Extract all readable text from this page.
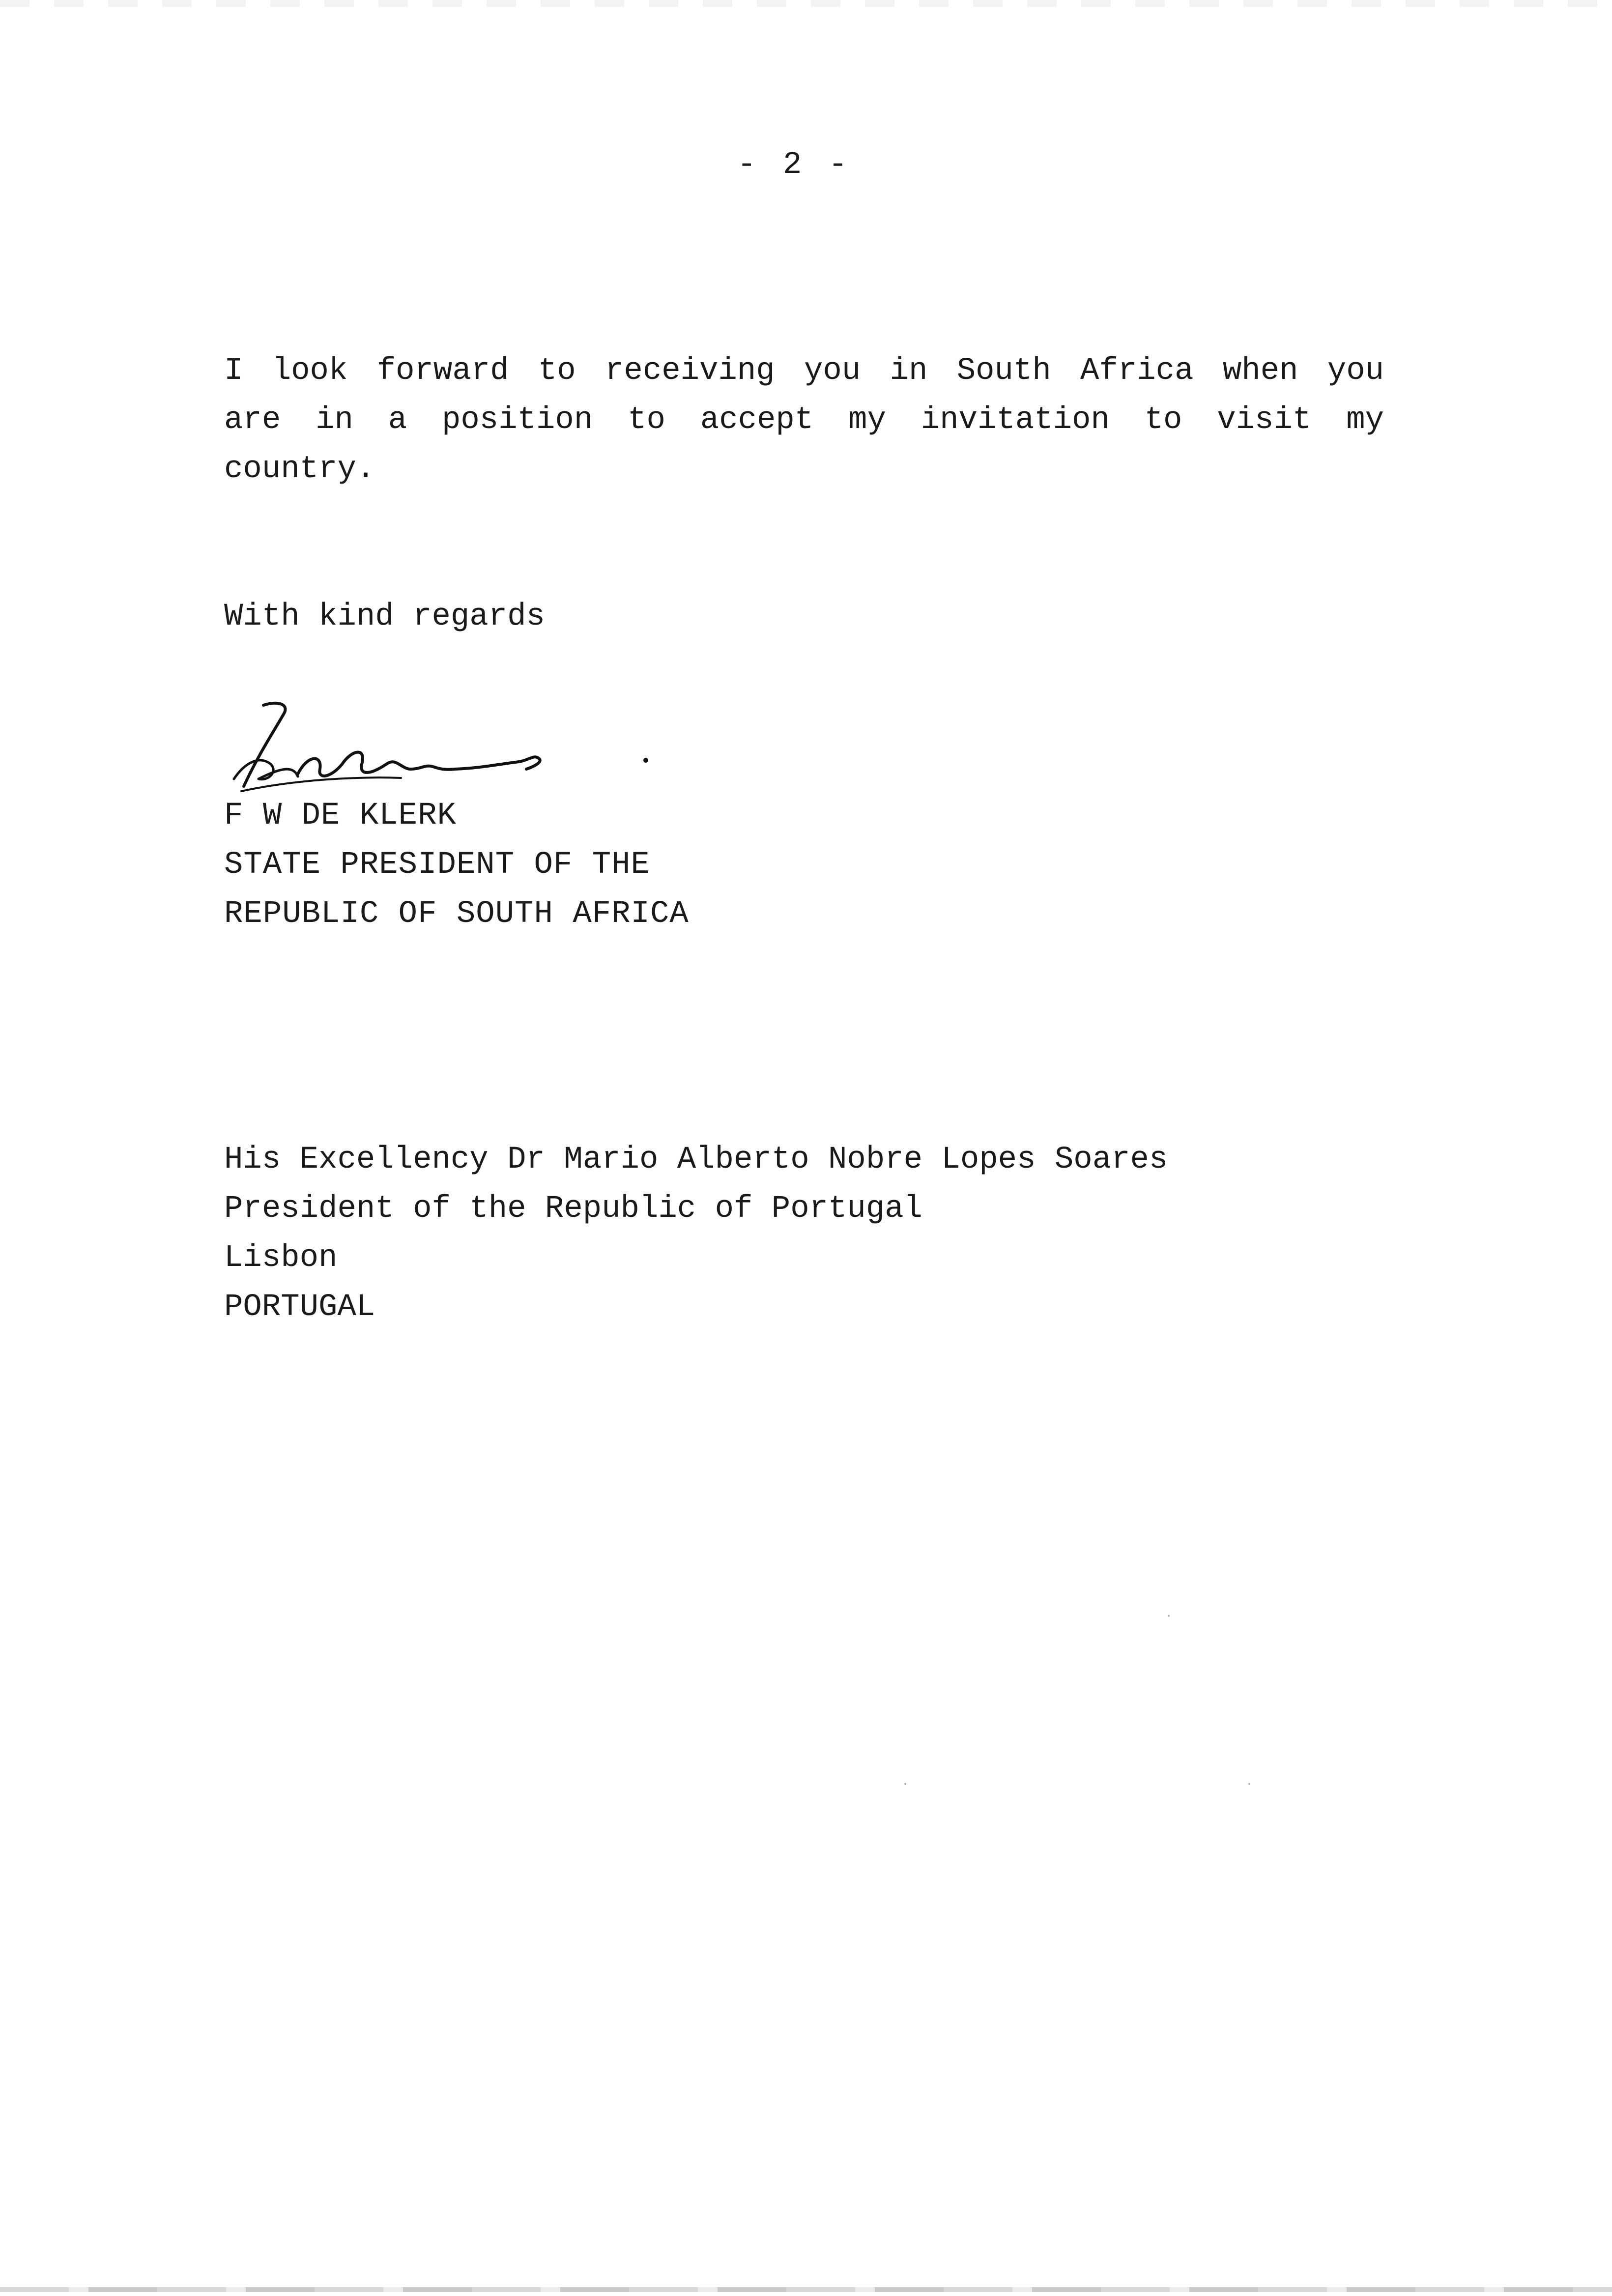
- 2 -
I look forward to receiving you in South Africa when you
are in a position to accept my invitation to visit my
country.
With kind regards
F W DE KLERK
STATE PRESIDENT OF THE
REPUBLIC OF SOUTH AFRICA
His Excellency Dr Mario Alberto Nobre Lopes Soares
President of the Republic of Portugal
Lisbon
PORTUGAL
